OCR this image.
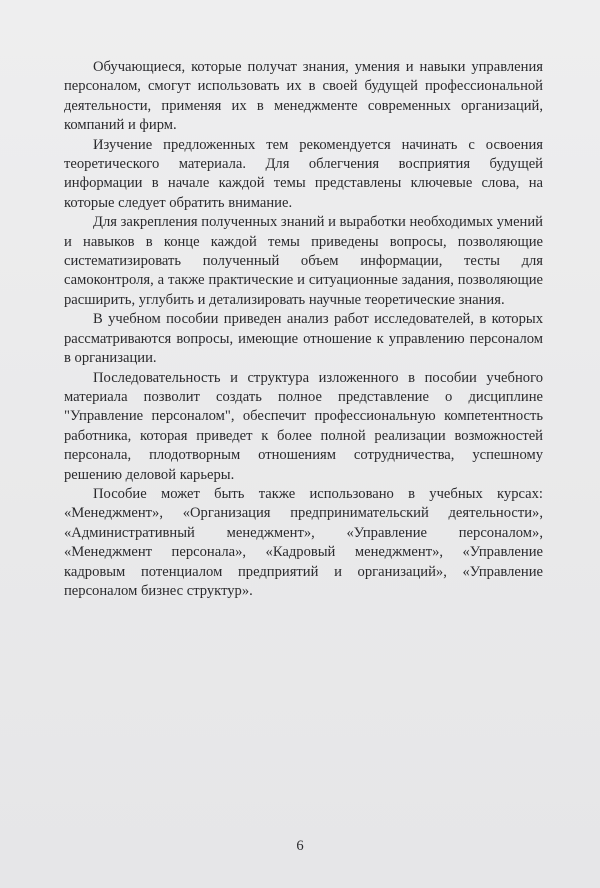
Обучающиеся, которые получат знания, умения и навыки управления персоналом, смогут использовать их в своей будущей профессиональной деятельности, применяя их в менеджменте современных организаций, компаний и фирм.

Изучение предложенных тем рекомендуется начинать с освоения теоретического материала. Для облегчения восприятия будущей информации в начале каждой темы представлены ключевые слова, на которые следует обратить внимание.

Для закрепления полученных знаний и выработки необходимых умений и навыков в конце каждой темы приведены вопросы, позволяющие систематизировать полученный объем информации, тесты для самоконтроля, а также практические и ситуационные задания, позволяющие расширить, углубить и детализировать научные теоретические знания.

В учебном пособии приведен анализ работ исследователей, в которых рассматриваются вопросы, имеющие отношение к управлению персоналом в организации.

Последовательность и структура изложенного в пособии учебного материала позволит создать полное представление о дисциплине "Управление персоналом", обеспечит профессиональную компетентность работника, которая приведет к более полной реализации возможностей персонала, плодотворным отношениям сотрудничества, успешному решению деловой карьеры.

Пособие может быть также использовано в учебных курсах: «Менеджмент», «Организация предпринимательский деятельности», «Административный менеджмент», «Управление персоналом», «Менеджмент персонала», «Кадровый менеджмент», «Управление кадровым потенциалом предприятий и организаций», «Управление персоналом бизнес структур».

6
